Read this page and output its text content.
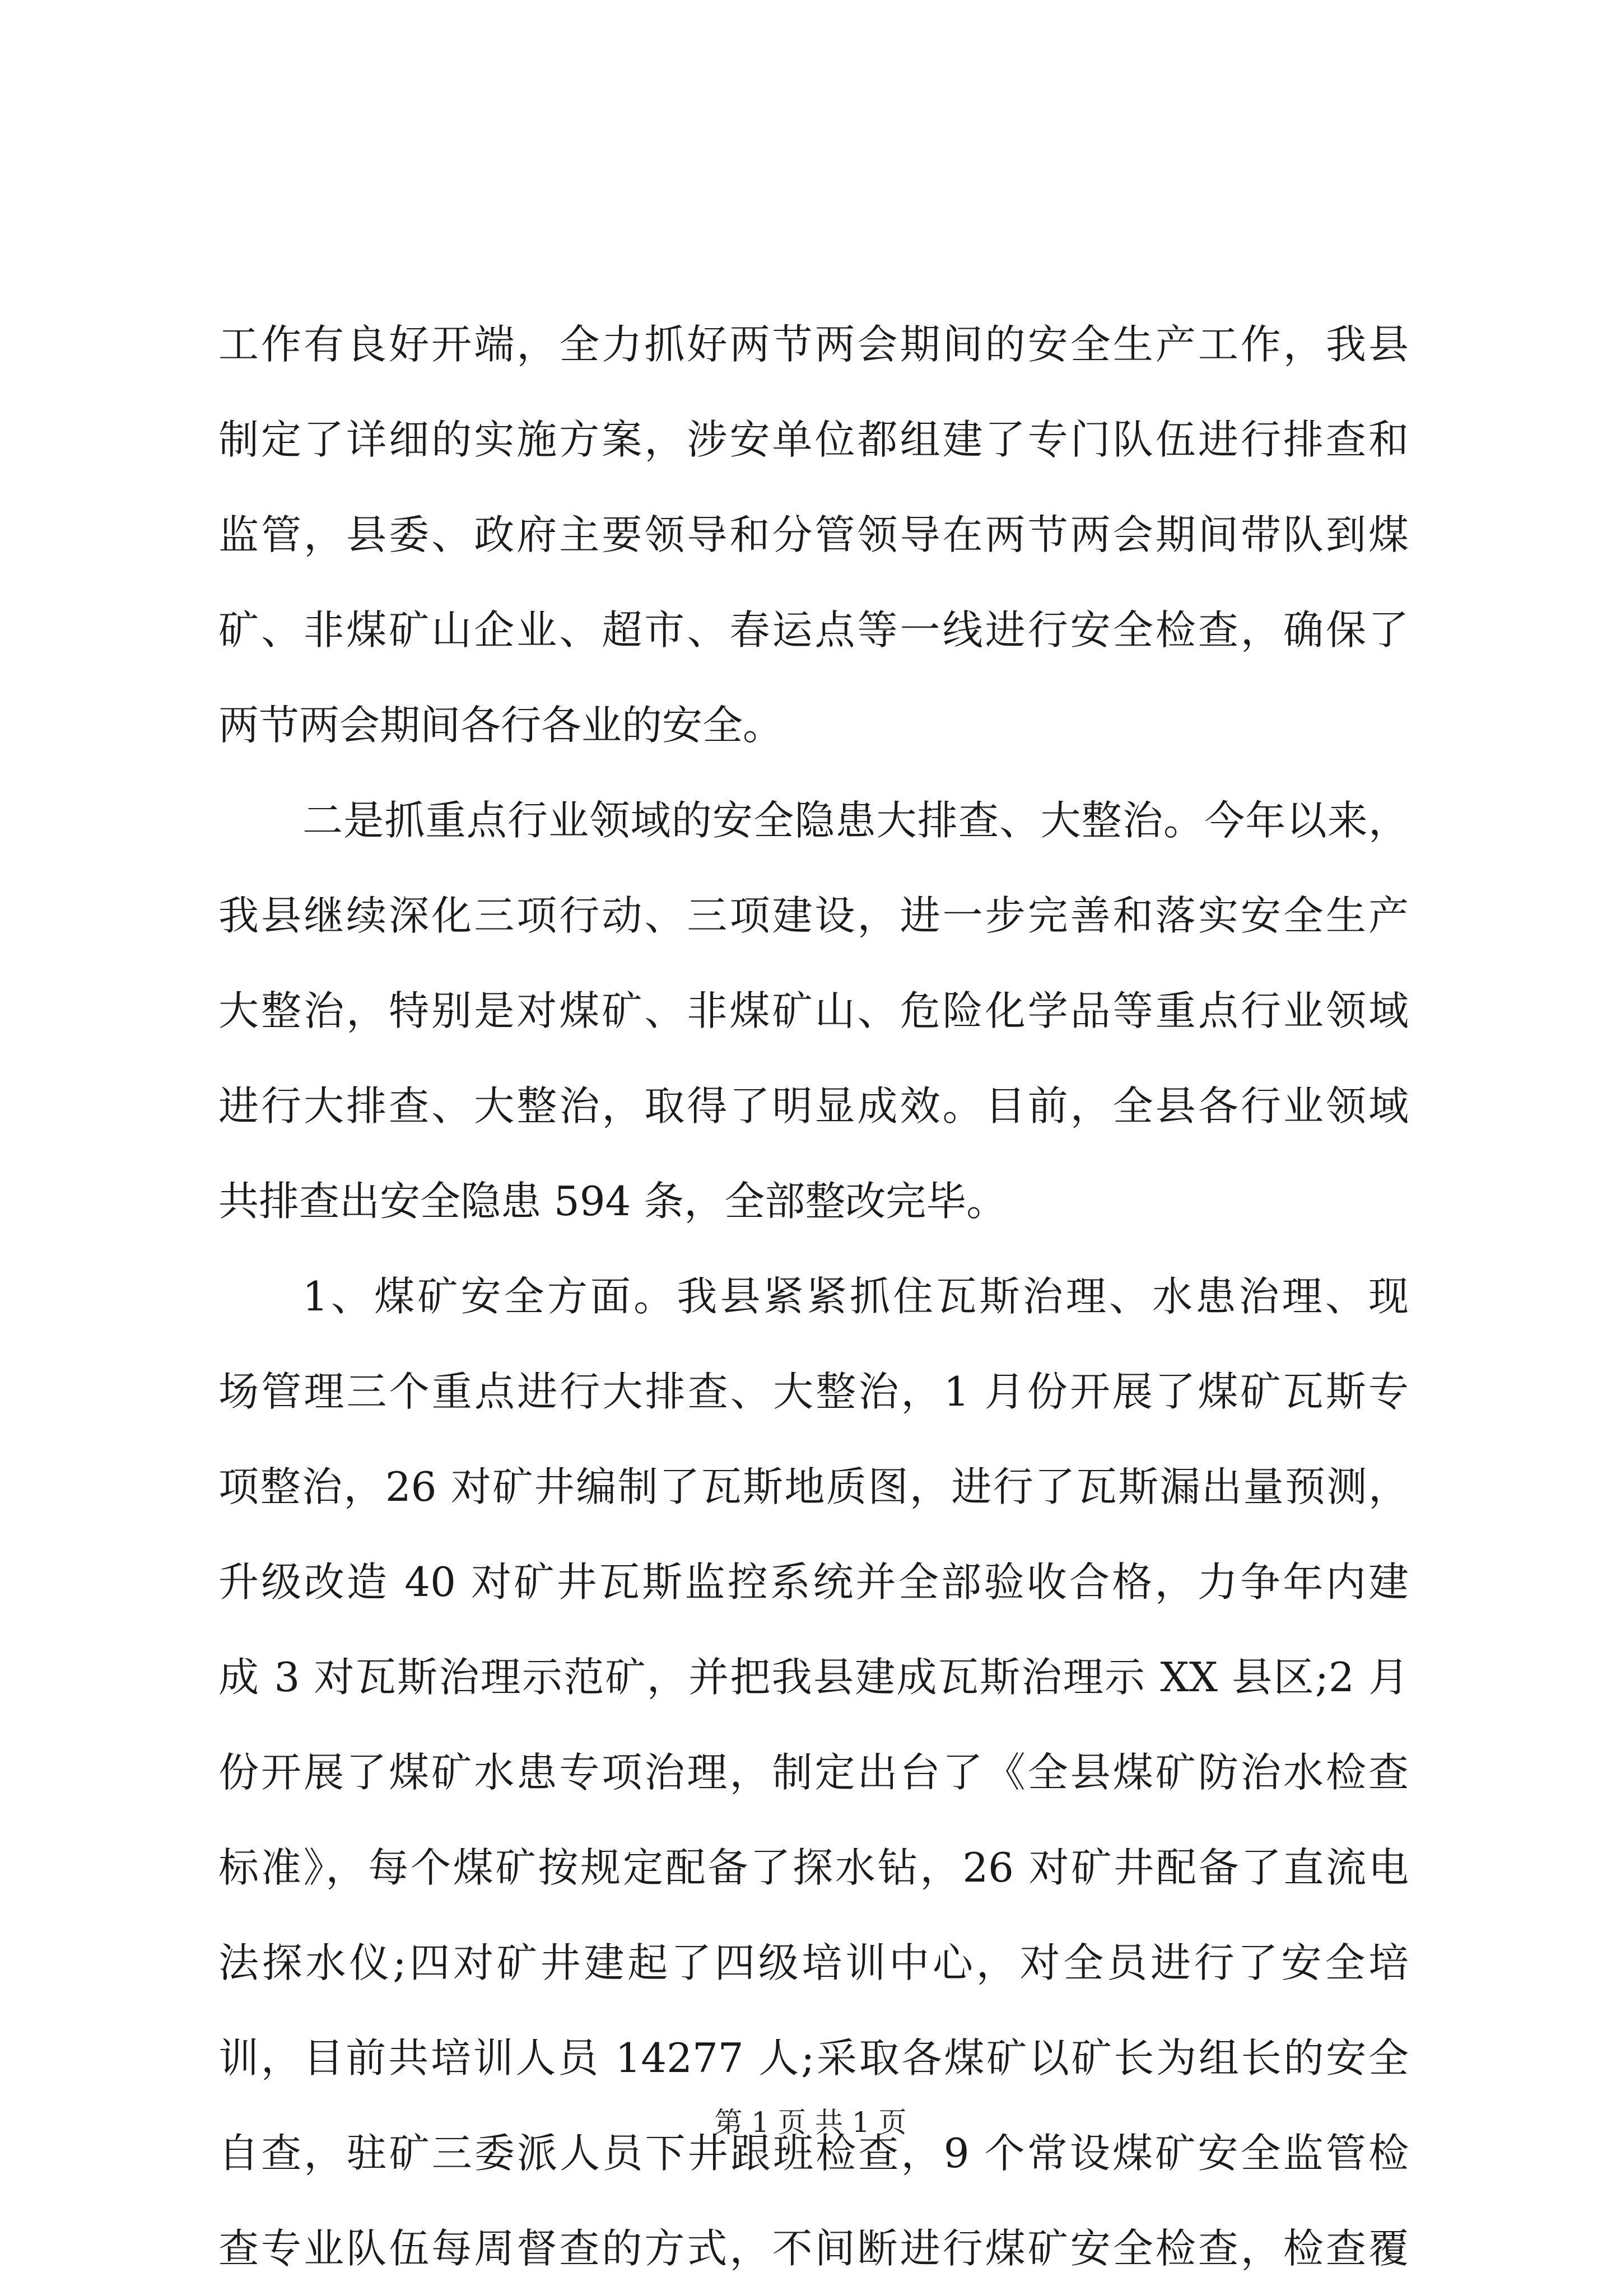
工作有良好开端，全力抓好两节两会期间的安全生产工作，我县
制定了详细的实施方案，涉安单位都组建了专门队伍进行排查和
监管，县委、政府主要领导和分管领导在两节两会期间带队到煤
矿、非煤矿山企业、超市、春运点等一线进行安全检查，确保了
两节两会期间各行各业的安全。
二是抓重点行业领域的安全隐患大排查、大整治。今年以来，
我县继续深化三项行动、三项建设，进一步完善和落实安全生产
大整治，特别是对煤矿、非煤矿山、危险化学品等重点行业领域
进行大排查、大整治，取得了明显成效。目前，全县各行业领域
共排查出安全隐患 594 条，全部整改完毕。
1、煤矿安全方面。我县紧紧抓住瓦斯治理、水患治理、现
场管理三个重点进行大排查、大整治，1 月份开展了煤矿瓦斯专
项整治，26 对矿井编制了瓦斯地质图，进行了瓦斯漏出量预测，
升级改造 40 对矿井瓦斯监控系统并全部验收合格，力争年内建
成 3 对瓦斯治理示范矿，并把我县建成瓦斯治理示 XX 县区;2 月
份开展了煤矿水患专项治理，制定出台了《全县煤矿防治水检查
标准》，每个煤矿按规定配备了探水钻，26 对矿井配备了直流电
法探水仪;四对矿井建起了四级培训中心，对全员进行了安全培
训，目前共培训人员 14277 人;采取各煤矿以矿长为组长的安全
自查，驻矿三委派人员下井跟班检查，9 个常设煤矿安全监管检
查专业队伍每周督查的方式，不间断进行煤矿安全检查，检查覆
第 1 页 共 1 页
